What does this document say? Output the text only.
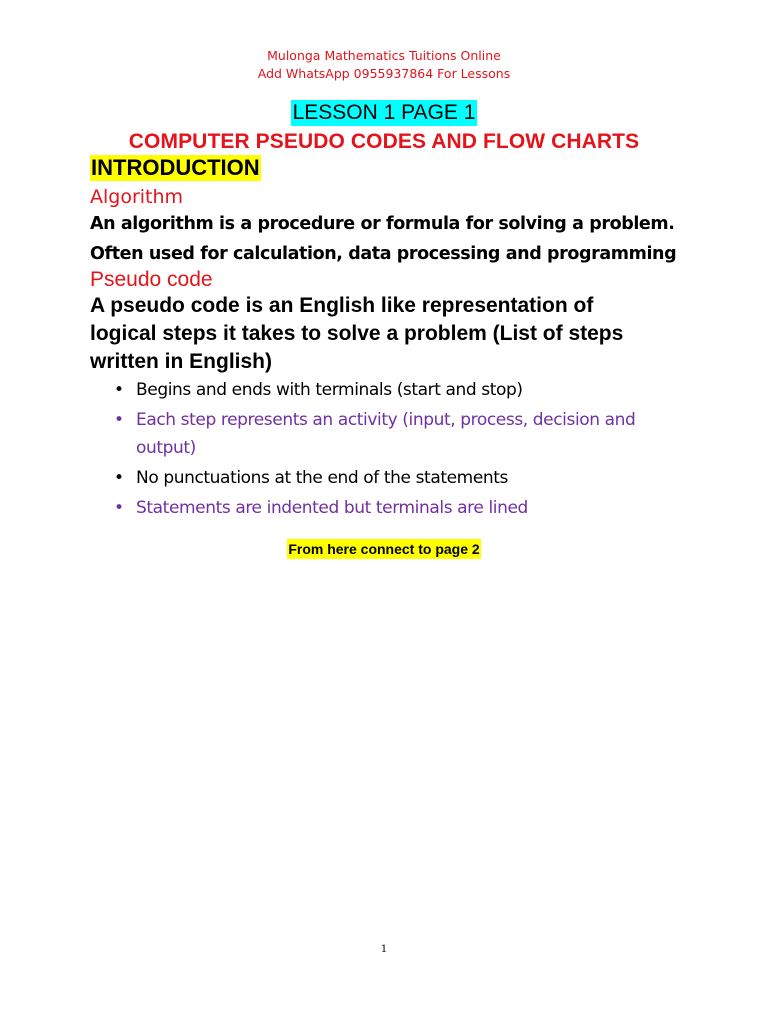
Mulonga Mathematics Tuitions Online
Add WhatsApp 0955937864 For Lessons
LESSON 1 PAGE 1
COMPUTER PSEUDO CODES AND FLOW CHARTS
INTRODUCTION
Algorithm
An algorithm is a procedure or formula for solving a problem.
Often used for calculation, data processing and programming
Pseudo code
A pseudo code is an English like representation of
logical steps it takes to solve a problem (List of steps
written in English)
• Begins and ends with terminals (start and stop)
• Each step represents an activity (input, process, decision and output)
• No punctuations at the end of the statements
• Statements are indented but terminals are lined
From here connect to page 2
1
